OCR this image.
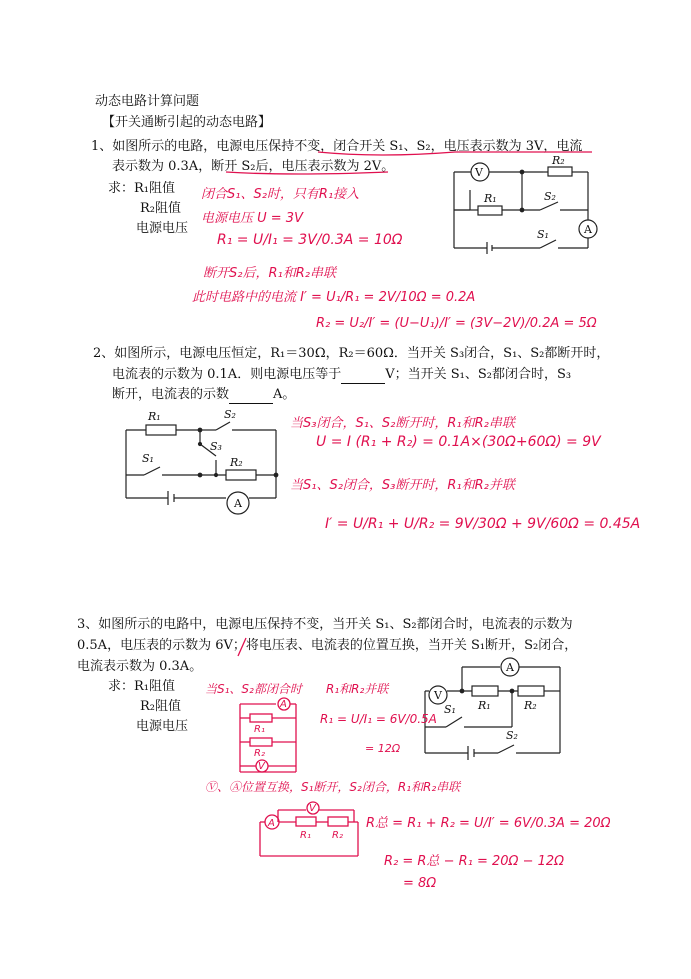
动态电路计算问题
【开关通断引起的动态电路】
1、如图所示的电路，电源电压保持不变，闭合开关 S₁、S₂，电压表示数为 3V，电流
表示数为 0.3A，断开 S₂后，电压表示数为 2V。
求：R₁阻值
R₂阻值
电源电压
V
R₂
R₁	S₂
A
S₁
闭合S₁、S₂时，只有R₁接入
电源电压 U = 3V
R₁ = U/I₁ = 3V/0.3A = 10Ω
断开S₂后，R₁和R₂串联
此时电路中的电流 I′ = U₁/R₁ = 2V/10Ω = 0.2A
R₂ = U₂/I′ = (U−U₁)/I′ = (3V−2V)/0.2A = 5Ω
2、如图所示，电源电压恒定，R₁＝30Ω，R₂＝60Ω．当开关 S₃闭合，S₁、S₂都断开时，
电流表的示数为 0.1A．则电源电压等于	V；当开关 S₁、S₂都闭合时，S₃
断开，电流表的示数	A。
R₁	S₂
S₃
S₁	R₂
A
当S₃闭合，S₁、S₂断开时，R₁和R₂串联
U = I (R₁ + R₂) = 0.1A×(30Ω+60Ω) = 9V
当S₁、S₂闭合，S₃断开时，R₁和R₂并联
I′ = U/R₁ + U/R₂ = 9V/30Ω + 9V/60Ω = 0.45A
3、如图所示的电路中，电源电压保持不变，当开关 S₁、S₂都闭合时，电流表的示数为
0.5A，电压表的示数为 6V；将电压表、电流表的位置互换，当开关 S₁断开，S₂闭合，
电流表示数为 0.3A。
求：R₁阻值
R₂阻值
电源电压
A
V
R₁	R₂
S₁
S₂
当S₁、S₂都闭合时 R₁和R₂并联
R₁ = U/I₁ = 6V/0.5A
= 12Ω
Ⓥ、Ⓐ位置互换，S₁断开，S₂闭合，R₁和R₂串联
R总 = R₁ + R₂ = U/I′ = 6V/0.3A = 20Ω
R₂ = R总 − R₁ = 20Ω − 12Ω
= 8Ω
A
R₁
R₂
V
V
A
R₁ R₂
